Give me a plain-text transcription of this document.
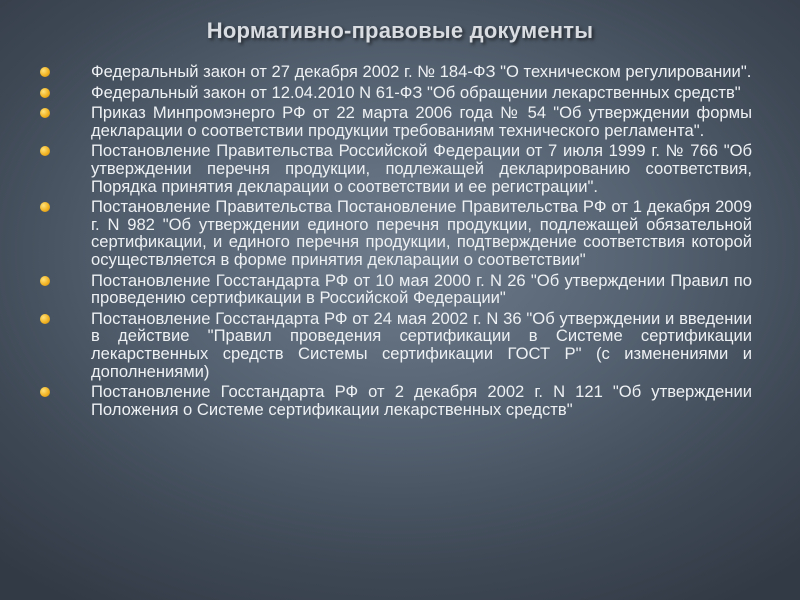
Нормативно-правовые документы
Федеральный закон от 27 декабря 2002 г. № 184-ФЗ "О техническом регулировании".
Федеральный закон от 12.04.2010 N 61-ФЗ "Об обращении лекарственных средств"
Приказ Минпромэнерго РФ от 22 марта 2006 года № 54 "Об утверждении формы декларации о соответствии продукции требованиям технического регламента".
Постановление Правительства Российской Федерации от 7 июля 1999 г. № 766 "Об утверждении перечня продукции, подлежащей декларированию соответствия, Порядка принятия декларации о соответствии и ее регистрации".
Постановление Правительства Постановление Правительства РФ от 1 декабря 2009 г. N 982 "Об утверждении единого перечня продукции, подлежащей обязательной сертификации, и единого перечня продукции, подтверждение соответствия которой осуществляется в форме принятия декларации о соответствии"
Постановление Госстандарта РФ от 10 мая 2000 г. N 26 "Об утверждении Правил по проведению сертификации в Российской Федерации"
Постановление Госстандарта РФ от 24 мая 2002 г. N 36 "Об утверждении и введении в действие "Правил проведения сертификации в Системе сертификации лекарственных средств Системы сертификации ГОСТ Р" (с изменениями и дополнениями)
Постановление Госстандарта РФ от 2 декабря 2002 г. N 121 "Об утверждении Положения о Системе сертификации лекарственных средств"
